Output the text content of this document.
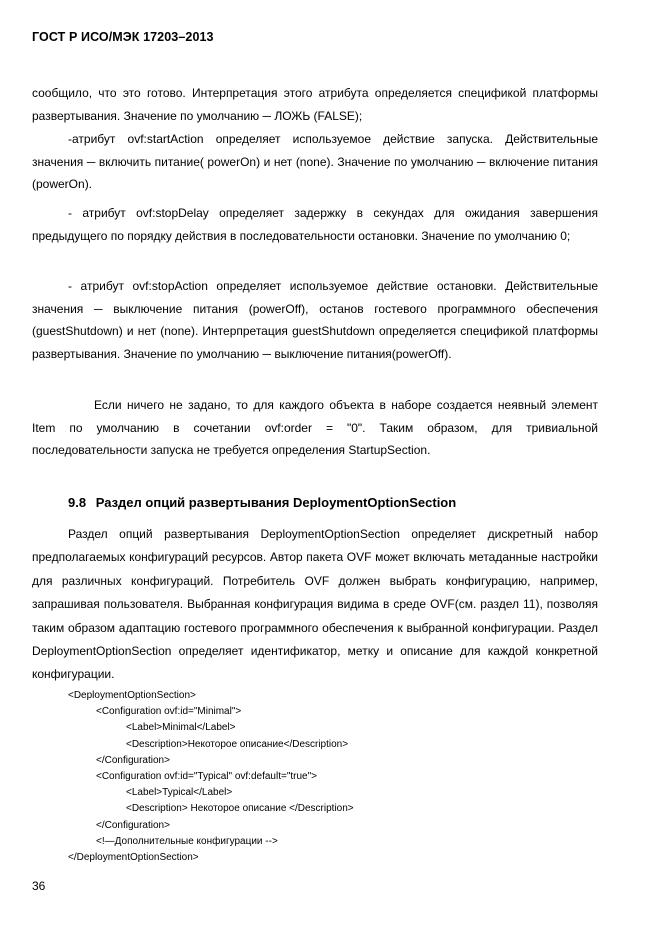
ГОСТ Р ИСО/МЭК 17203–2013
сообщило, что это готово. Интерпретация этого атрибута определяется спецификой платформы развертывания. Значение по умолчанию ─ ЛОЖЬ (FALSE);
-атрибут ovf:startAction определяет используемое действие запуска. Действительные значения ─ включить питание( powerOn) и нет (none). Значение по умолчанию ─ включение питания (powerOn).
- атрибут ovf:stopDelay определяет задержку в секундах для ожидания завершения предыдущего по порядку действия в последовательности остановки. Значение по умолчанию 0;
- атрибут ovf:stopAction определяет используемое действие остановки. Действительные значения ─ выключение питания (powerOff), останов гостевого программного обеспечения (guestShutdown) и нет (none). Интерпретация guestShutdown определяется спецификой платформы развертывания. Значение по умолчанию ─ выключение питания(powerOff).
Если ничего не задано, то для каждого объекта в наборе создается неявный элемент Item по умолчанию в сочетании ovf:order = "0". Таким образом, для тривиальной последовательности запуска не требуется определения StartupSection.
9.8 Раздел опций развертывания DeploymentOptionSection
Раздел опций развертывания DeploymentOptionSection определяет дискретный набор предполагаемых конфигураций ресурсов. Автор пакета OVF может включать метаданные настройки для различных конфигураций. Потребитель OVF должен выбрать конфигурацию, например, запрашивая пользователя. Выбранная конфигурация видима в среде OVF(см. раздел 11), позволяя таким образом адаптацию гостевого программного обеспечения к выбранной конфигурации. Раздел DeploymentOptionSection определяет идентификатор, метку и описание для каждой конкретной конфигурации.
<DeploymentOptionSection>
<Configuration ovf:id="Minimal">
<Label>Minimal</Label>
<Description>Некоторое описание</Description>
</Configuration>
<Configuration ovf:id="Typical" ovf:default="true">
<Label>Typical</Label>
<Description> Некоторое описание </Description>
</Configuration>
<!—Дополнительные конфигурации -->
</DeploymentOptionSection>
36
